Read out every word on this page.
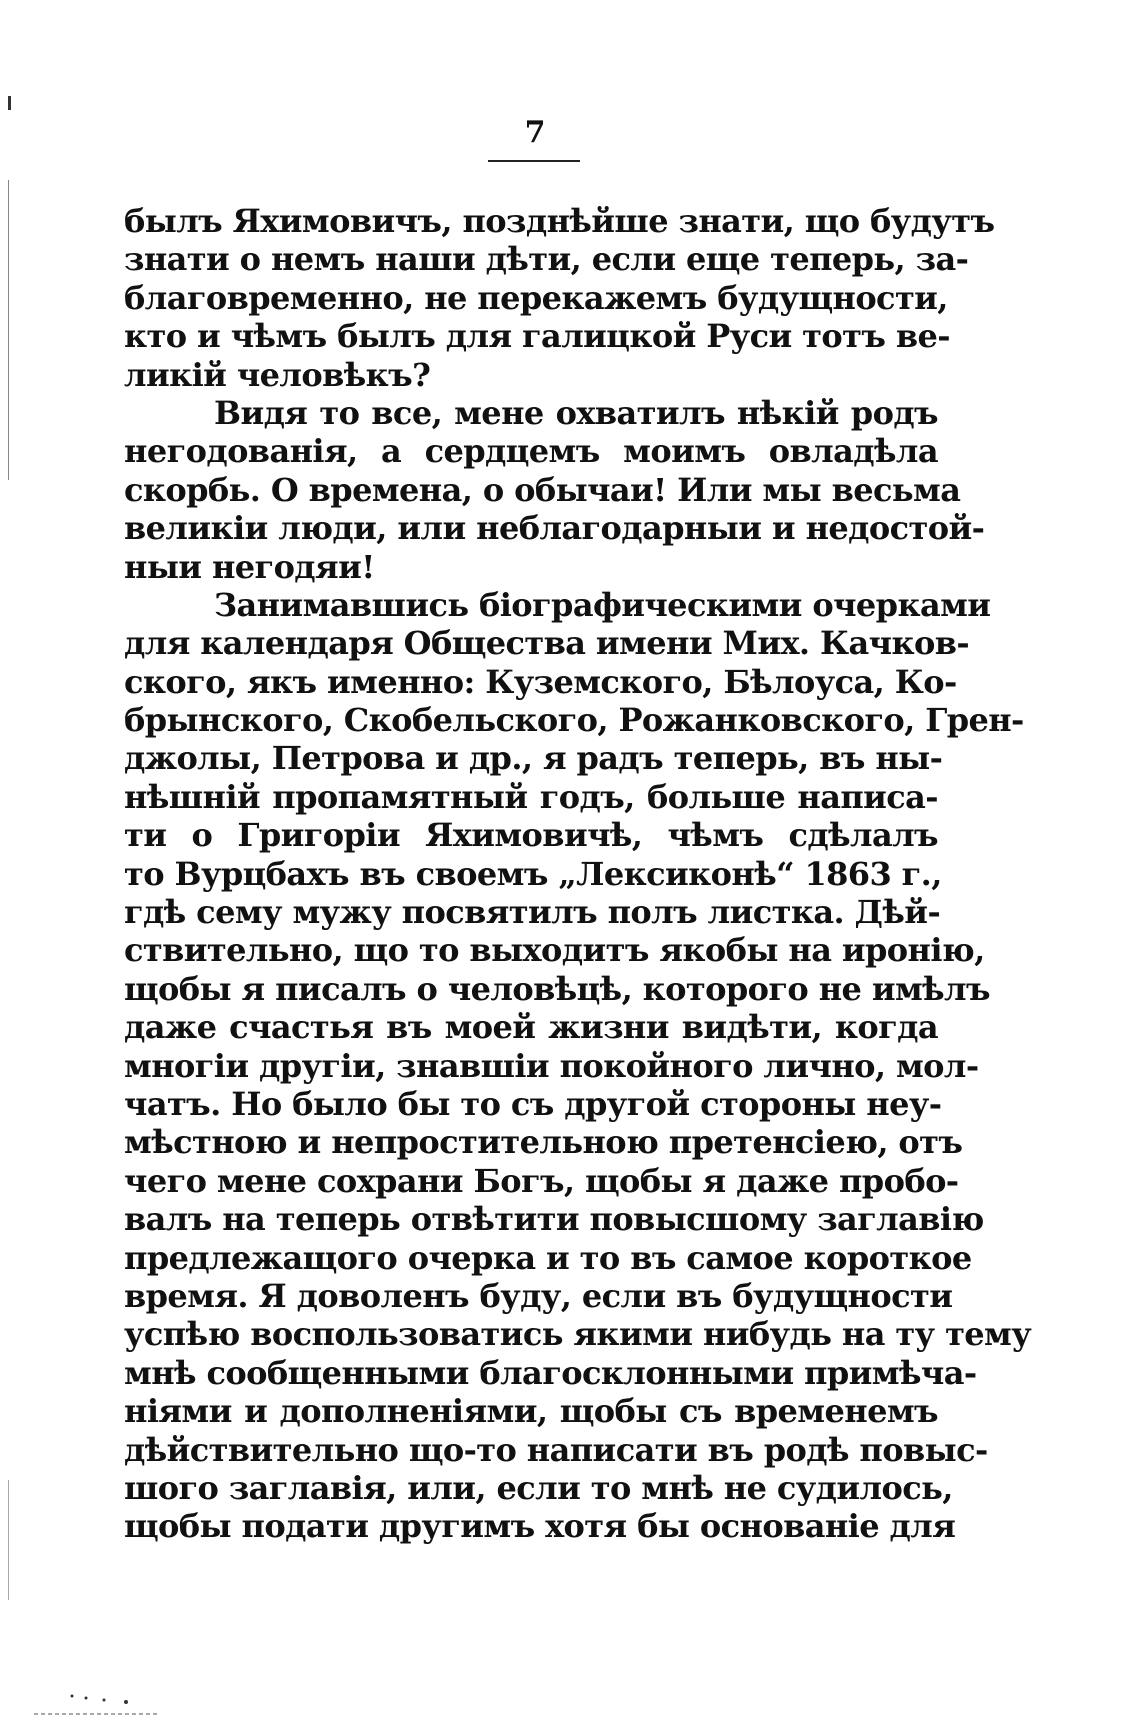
7
былъ Яхимовичъ, позднѣйше знати, що будутъ
знати о немъ наши дѣти, если еще теперь, за-
благовременно, не перекажемъ будущности,
кто и чѣмъ былъ для галицкой Руси тотъ ве-
ликій человѣкъ?
Видя то все, мене охватилъ нѣкій родъ
негодованія, а сердцемъ моимъ овладѣла
скорбь. О времена, о обычаи! Или мы весьма
великіи люди, или неблагодарныи и недостой-
ныи негодяи!
Занимавшись біографическими очерками
для календаря Общества имени Мих. Качков-
ского, якъ именно: Куземского, Бѣлоуса, Ко-
брынского, Скобельского, Рожанковского, Грен-
джолы, Петрова и др., я радъ теперь, въ ны-
нѣшній пропамятный годъ, больше написа-
ти о Григоріи Яхимовичѣ, чѣмъ сдѣлалъ
то Вурцбахъ въ своемъ „Лексиконѣ“ 1863 г.,
гдѣ сему мужу посвятилъ полъ листка. Дѣй-
ствительно, що то выходитъ якобы на иронію,
щобы я писалъ о человѣцѣ, которого не имѣлъ
даже счастья въ моей жизни видѣти, когда
многіи другіи, знавшіи покойного лично, мол-
чатъ. Но было бы то съ другой стороны неу-
мѣстною и непростительною претенсіею, отъ
чего мене сохрани Богъ, щобы я даже пробо-
валъ на теперь отвѣтити повысшому заглавію
предлежащого очерка и то въ самое короткое
время. Я доволенъ буду, если въ будущности
успѣю воспользоватись якими нибудь на ту тему
мнѣ сообщенными благосклонными примѣча-
ніями и дополненіями, щобы съ временемъ
дѣйствительно що-то написати въ родѣ повыс-
шого заглавія, или, если то мнѣ не судилось,
щобы подати другимъ хотя бы основаніе для
